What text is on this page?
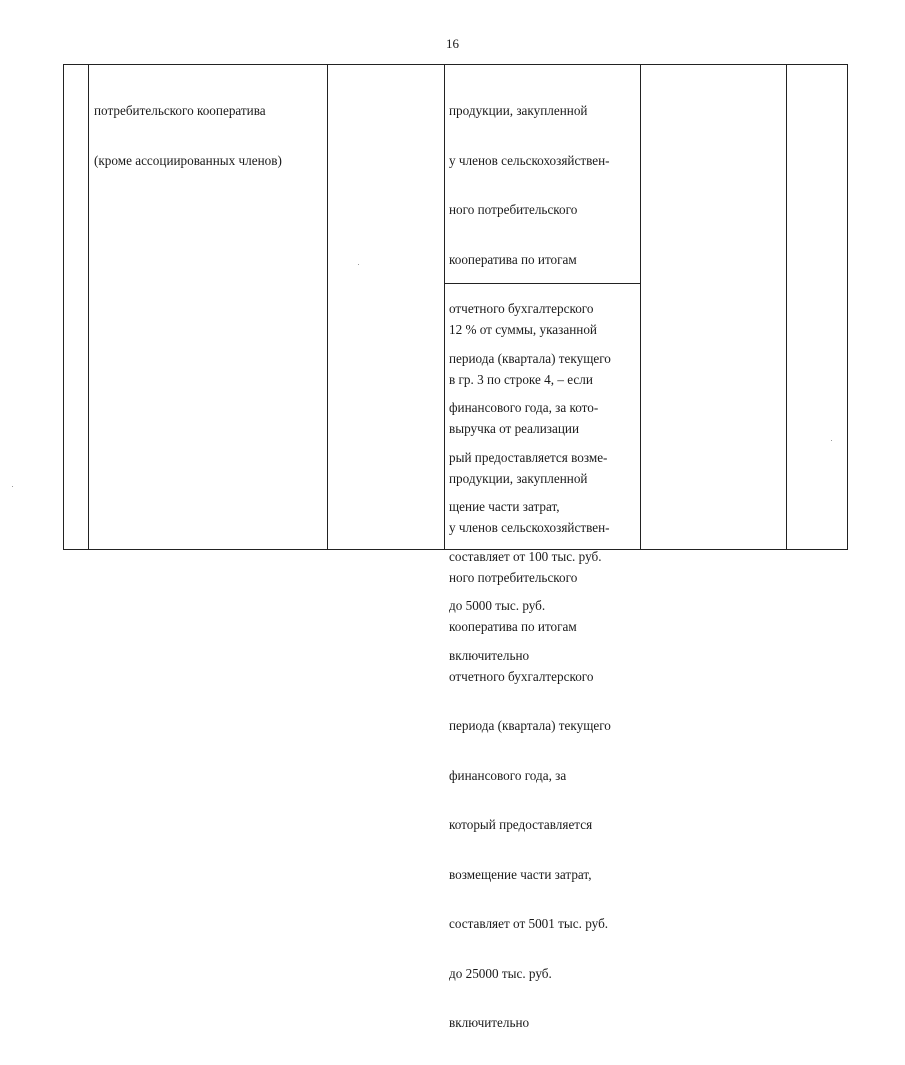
16

потребительского кооператива

(кроме ассоциированных членов)

продукции, закупленной

у членов сельскохозяйствен-

ного потребительского

кооператива по итогам

отчетного бухгалтерского

периода (квартала) текущего

финансового года, за кото-

рый предоставляется возме-

щение части затрат,

составляет от 100 тыс. руб.

до 5000 тыс. руб.

включительно

12 % от суммы, указанной

в гр. 3 по строке 4, – если

выручка от реализации

продукции, закупленной

у членов сельскохозяйствен-

ного потребительского

кооператива по итогам

отчетного бухгалтерского

периода (квартала) текущего

финансового года, за

который предоставляется

возмещение части затрат,

составляет от 5001 тыс. руб.

до 25000 тыс. руб.

включительно
